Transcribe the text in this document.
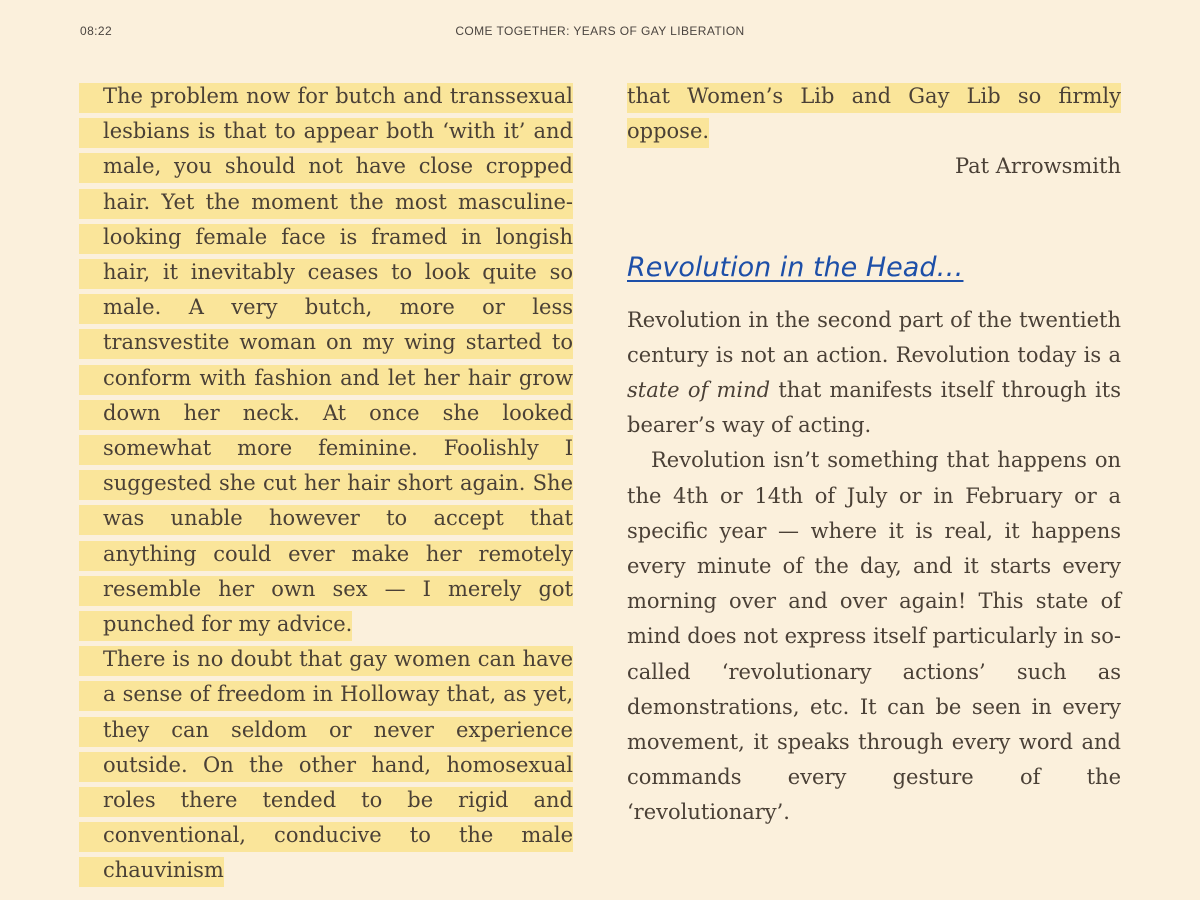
08:22	COME TOGETHER: YEARS OF GAY LIBERATION

The problem now for butch and transsexual lesbians is that to appear both ‘with it’ and male, you should not have close cropped hair. Yet the moment the most masculine-looking female face is framed in longish hair, it inevitably ceases to look quite so male. A very butch, more or less transvestite woman on my wing started to conform with fashion and let her hair grow down her neck. At once she looked somewhat more feminine. Foolishly I suggested she cut her hair short again. She was unable however to accept that anything could ever make her remotely resemble her own sex — I merely got punched for my advice.

There is no doubt that gay women can have a sense of freedom in Holloway that, as yet, they can seldom or never experience outside. On the other hand, homosexual roles there tended to be rigid and conventional, conducive to the male chauvinism

that Women’s Lib and Gay Lib so firmly oppose.

Pat Arrowsmith

Revolution in the Head…

Revolution in the second part of the twentieth century is not an action. Revolution today is a state of mind that manifests itself through its bearer’s way of acting.

Revolution isn’t something that happens on the 4th or 14th of July or in February or a specific year — where it is real, it happens every minute of the day, and it starts every morning over and over again! This state of mind does not express itself particularly in so-called ‘revolutionary actions’ such as demonstrations, etc. It can be seen in every movement, it speaks through every word and commands every gesture of the ‘revolutionary’.
